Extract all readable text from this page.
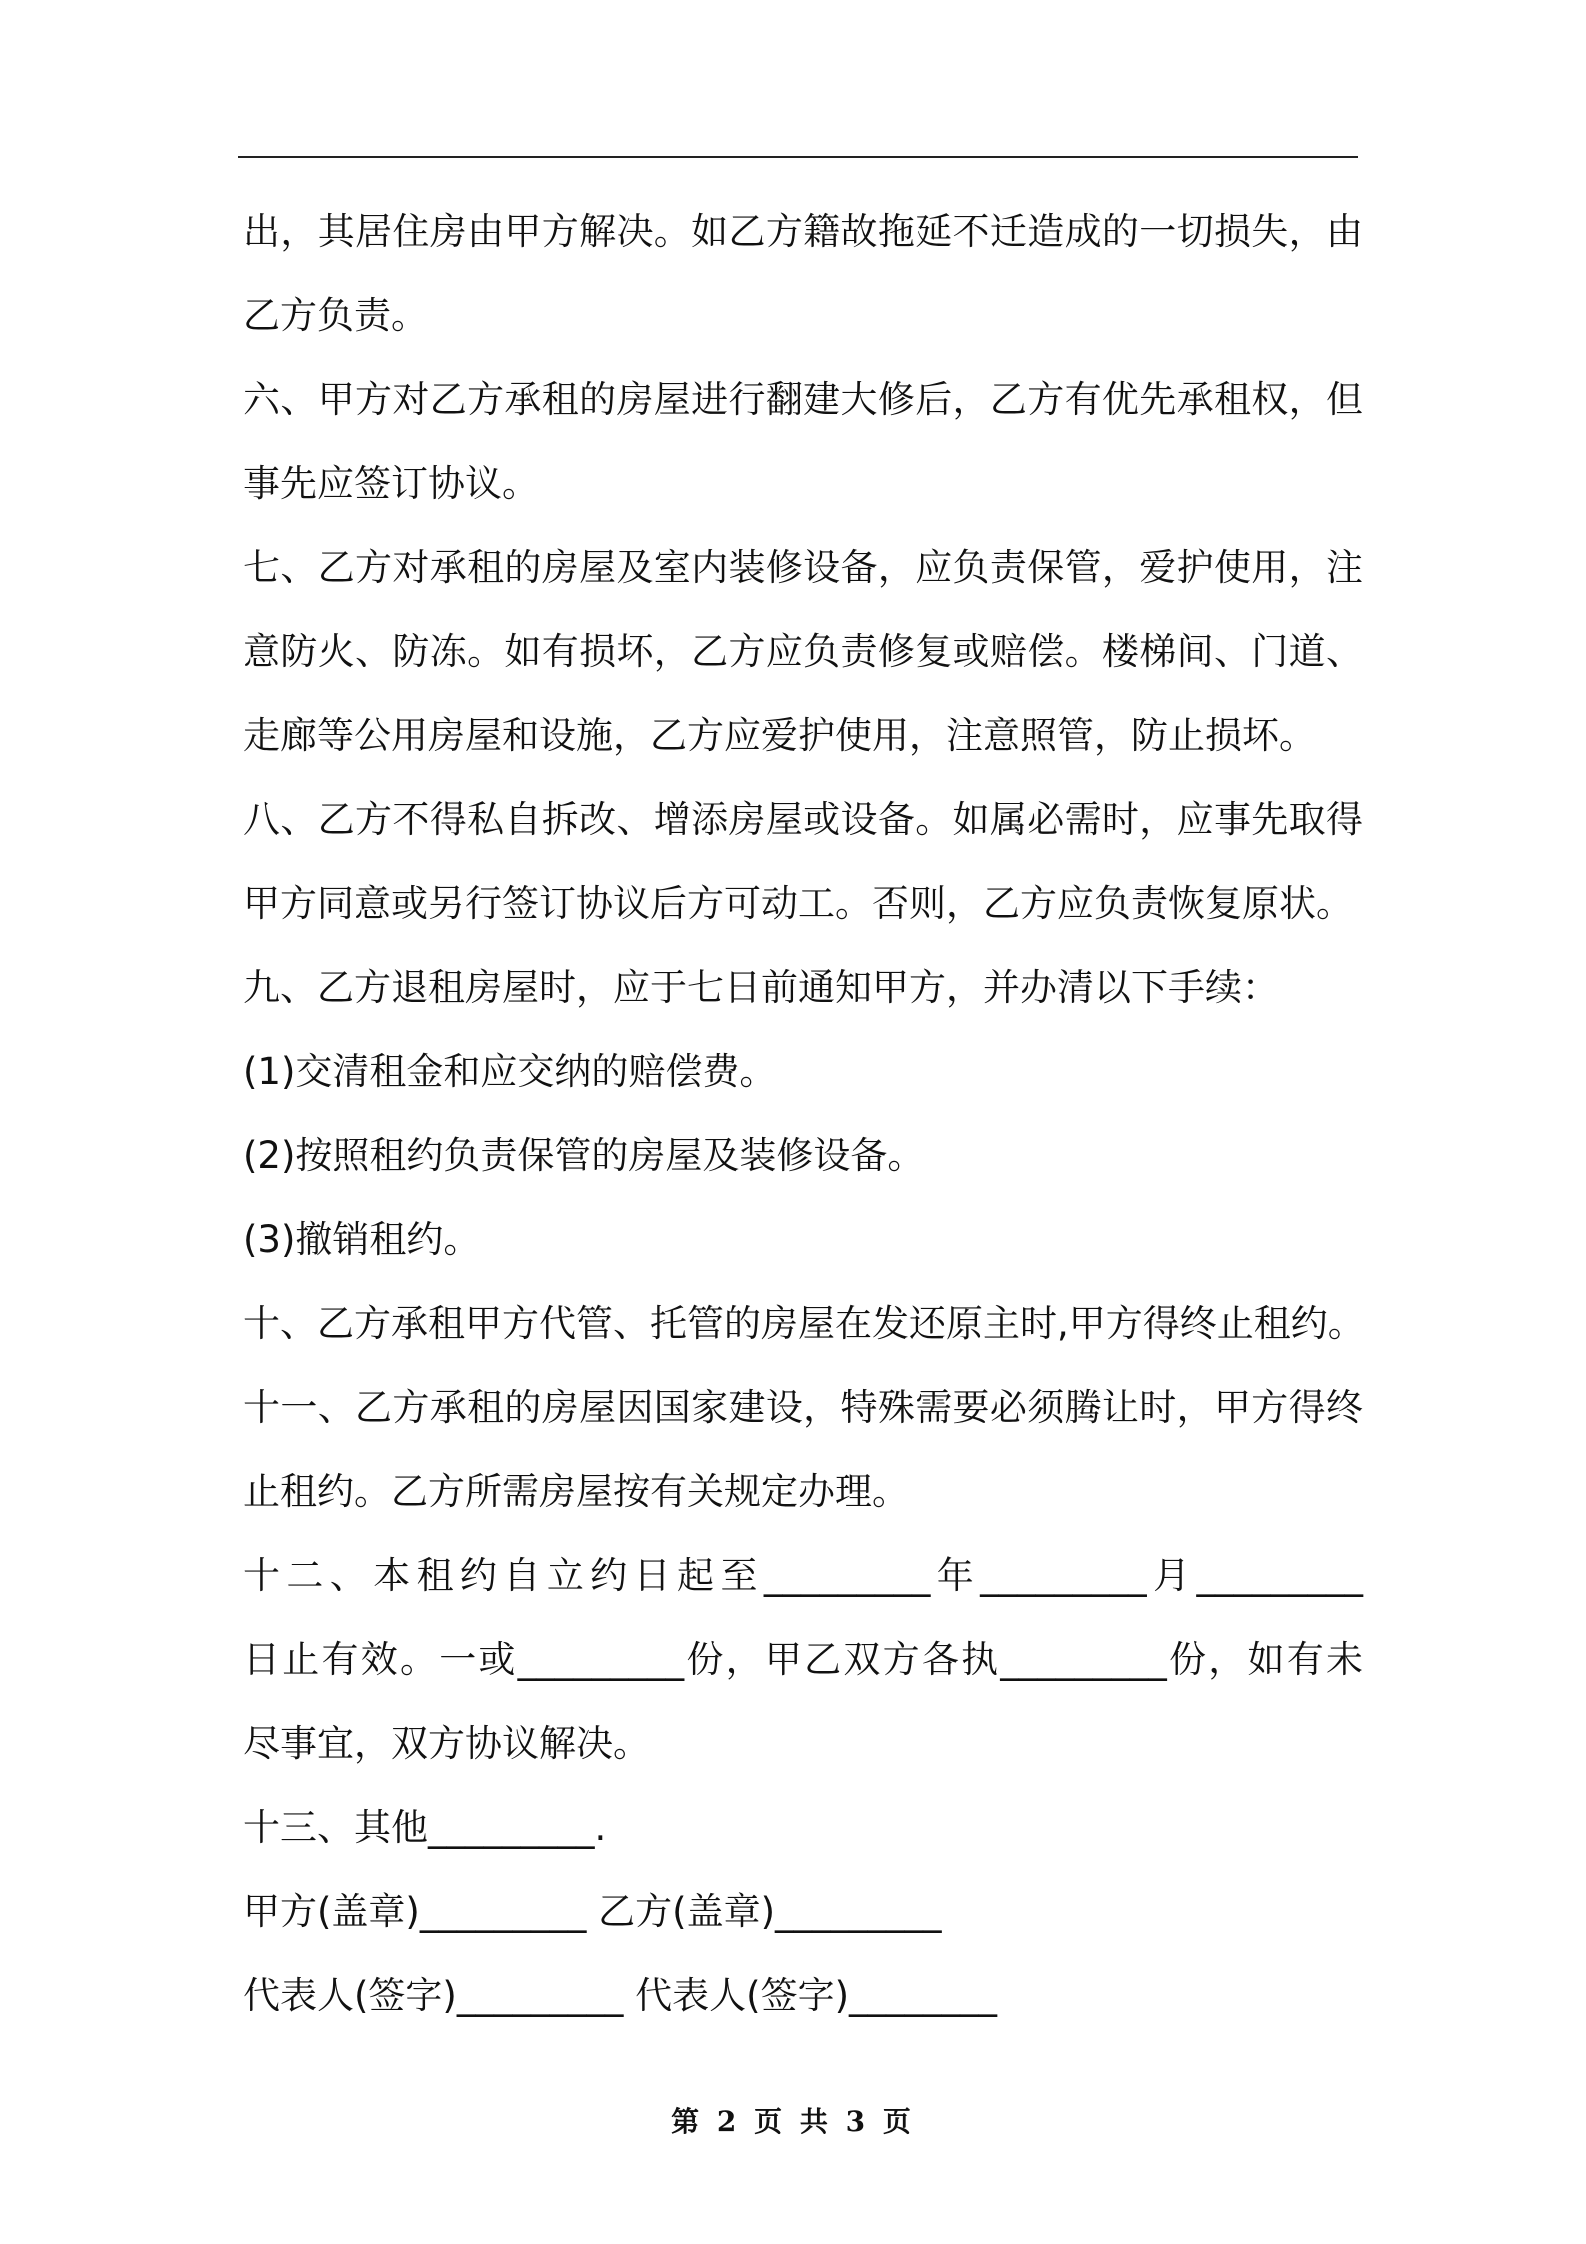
出，其居住房由甲方解决。如乙方籍故拖延不迁造成的一切损失，由
乙方负责。
六、甲方对乙方承租的房屋进行翻建大修后，乙方有优先承租权，但
事先应签订协议。
七、乙方对承租的房屋及室内装修设备，应负责保管，爱护使用，注
意防火、防冻。如有损坏，乙方应负责修复或赔偿。楼梯间、门道、
走廊等公用房屋和设施，乙方应爱护使用，注意照管，防止损坏。
八、乙方不得私自拆改、增添房屋或设备。如属必需时，应事先取得
甲方同意或另行签订协议后方可动工。否则，乙方应负责恢复原状。
九、乙方退租房屋时，应于七日前通知甲方，并办清以下手续：
(1)交清租金和应交纳的赔偿费。
(2)按照租约负责保管的房屋及装修设备。
(3)撤销租约。
十、乙方承租甲方代管、托管的房屋在发还原主时,甲方得终止租约。
十一、乙方承租的房屋因国家建设，特殊需要必须腾让时，甲方得终
止租约。乙方所需房屋按有关规定办理。
十二、本租约自立约日起至_________年_________月_________
日止有效。一或_________份，甲乙双方各执_________份，如有未
尽事宜，双方协议解决。
十三、其他_________.
甲方(盖章)_________ 乙方(盖章)_________
代表人(签字)_________ 代表人(签字)________
第 2 页 共 3 页
